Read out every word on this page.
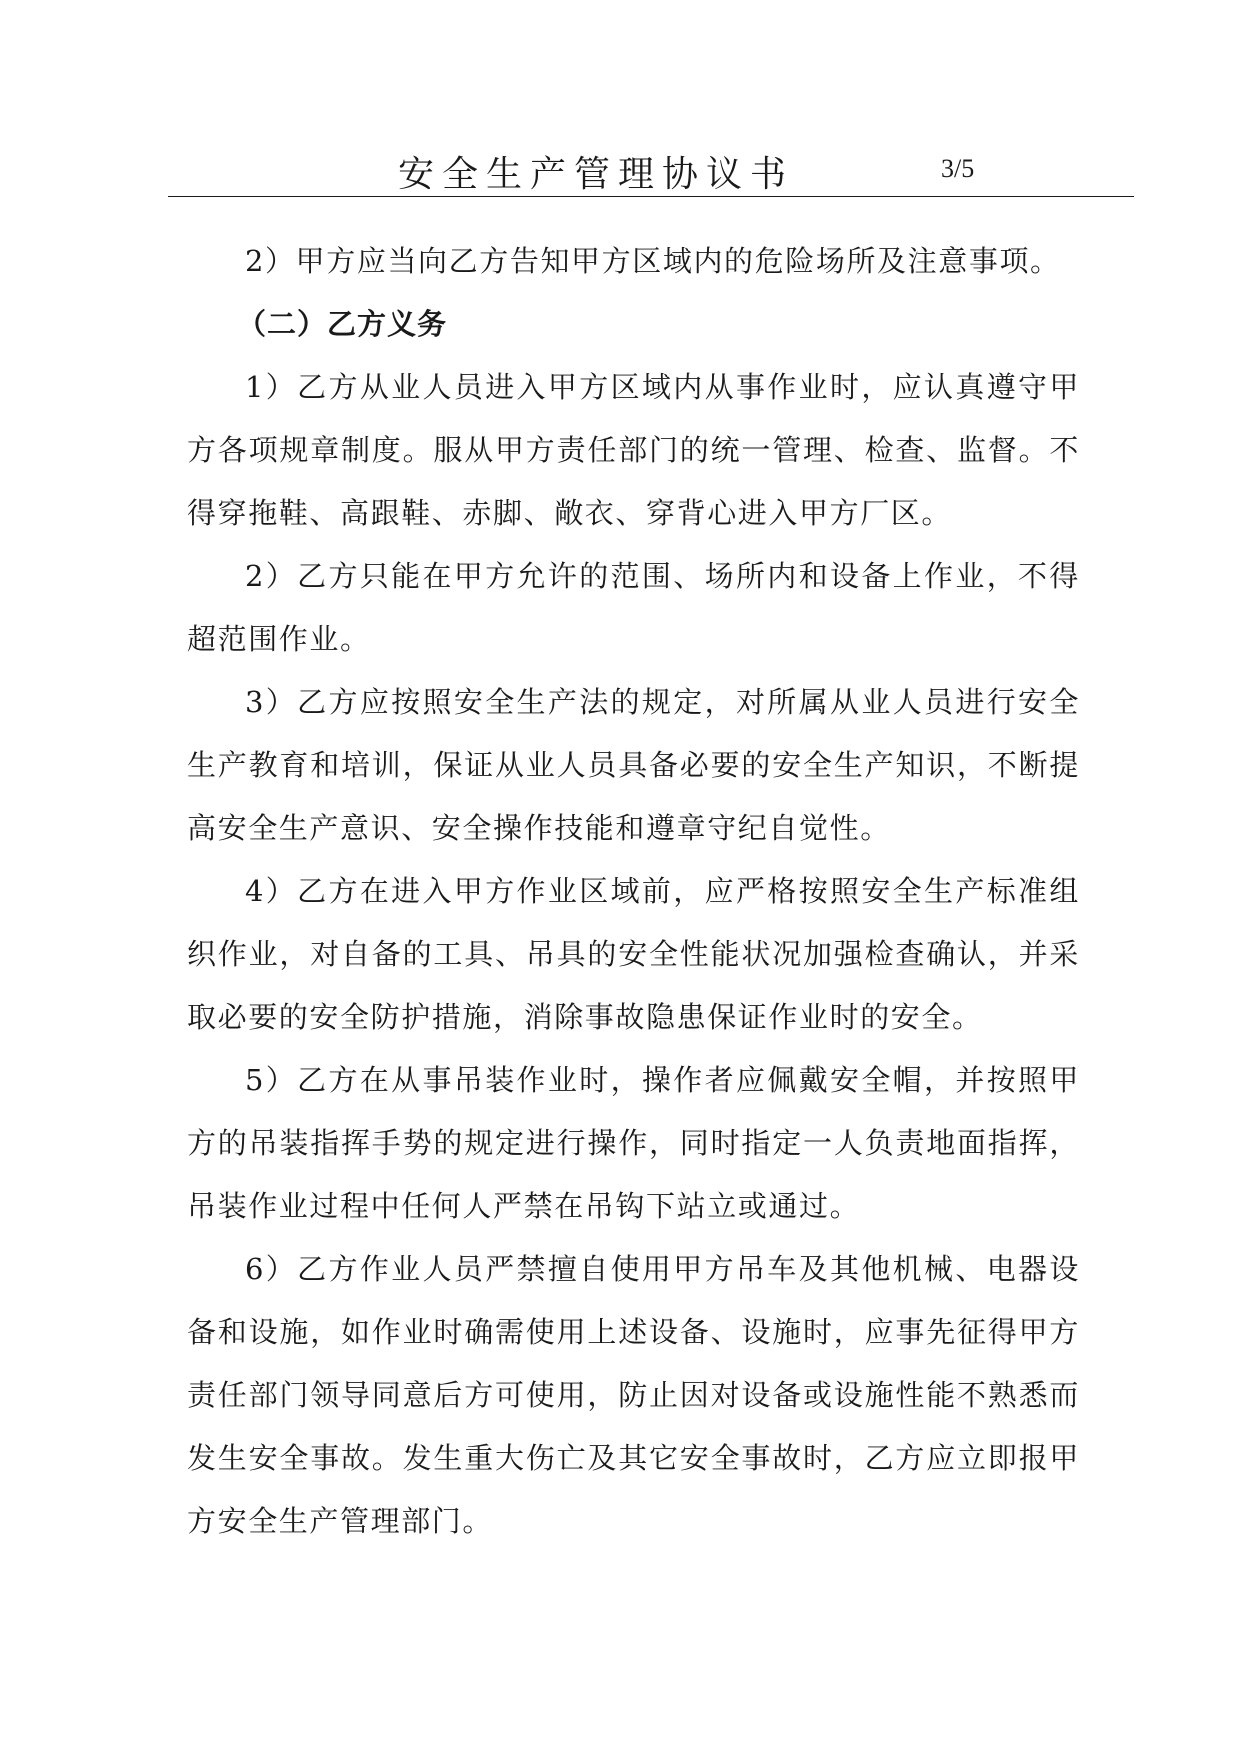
安全生产管理协议书	3/5

2）甲方应当向乙方告知甲方区域内的危险场所及注意事项。

（二）乙方义务

1）乙方从业人员进入甲方区域内从事作业时，应认真遵守甲方各项规章制度。服从甲方责任部门的统一管理、检查、监督。不得穿拖鞋、高跟鞋、赤脚、敞衣、穿背心进入甲方厂区。

2）乙方只能在甲方允许的范围、场所内和设备上作业，不得超范围作业。

3）乙方应按照安全生产法的规定，对所属从业人员进行安全生产教育和培训，保证从业人员具备必要的安全生产知识，不断提高安全生产意识、安全操作技能和遵章守纪自觉性。

4）乙方在进入甲方作业区域前，应严格按照安全生产标准组织作业，对自备的工具、吊具的安全性能状况加强检查确认，并采取必要的安全防护措施，消除事故隐患保证作业时的安全。

5）乙方在从事吊装作业时，操作者应佩戴安全帽，并按照甲方的吊装指挥手势的规定进行操作，同时指定一人负责地面指挥，吊装作业过程中任何人严禁在吊钩下站立或通过。

6）乙方作业人员严禁擅自使用甲方吊车及其他机械、电器设备和设施，如作业时确需使用上述设备、设施时，应事先征得甲方责任部门领导同意后方可使用，防止因对设备或设施性能不熟悉而发生安全事故。发生重大伤亡及其它安全事故时，乙方应立即报甲方安全生产管理部门。
